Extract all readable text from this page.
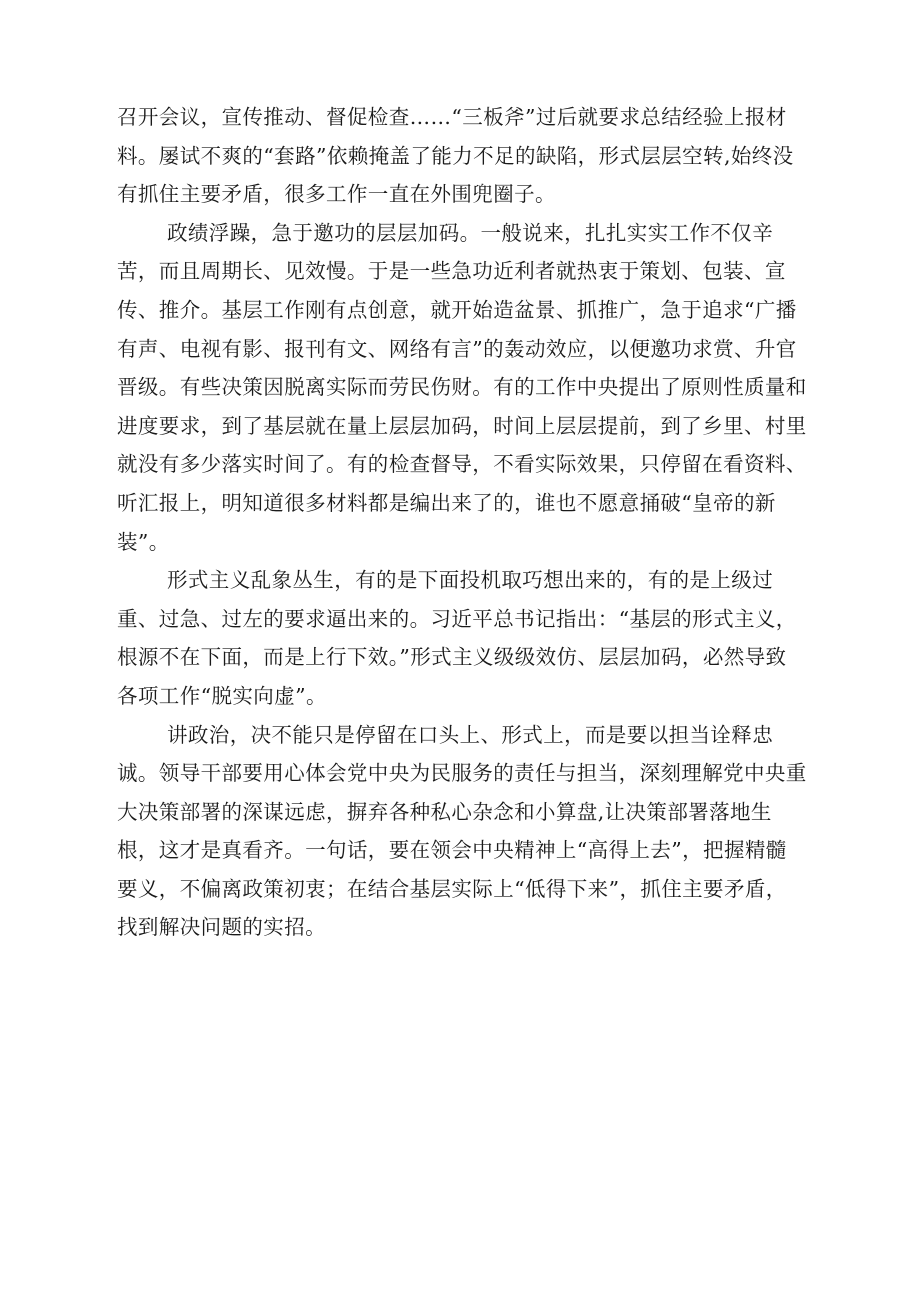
召开会议，宣传推动、督促检查……“三板斧”过后就要求总结经验上报材
料。屡试不爽的“套路”依赖掩盖了能力不足的缺陷，形式层层空转,始终没
有抓住主要矛盾，很多工作一直在外围兜圈子。
政绩浮躁，急于邀功的层层加码。一般说来，扎扎实实工作不仅辛
苦，而且周期长、见效慢。于是一些急功近利者就热衷于策划、包装、宣
传、推介。基层工作刚有点创意，就开始造盆景、抓推广，急于追求“广播
有声、电视有影、报刊有文、网络有言”的轰动效应，以便邀功求赏、升官
晋级。有些决策因脱离实际而劳民伤财。有的工作中央提出了原则性质量和
进度要求，到了基层就在量上层层加码，时间上层层提前，到了乡里、村里
就没有多少落实时间了。有的检查督导，不看实际效果，只停留在看资料、
听汇报上，明知道很多材料都是编出来了的，谁也不愿意捅破“皇帝的新
装”。
形式主义乱象丛生，有的是下面投机取巧想出来的，有的是上级过
重、过急、过左的要求逼出来的。习近平总书记指出：“基层的形式主义，
根源不在下面，而是上行下效。”形式主义级级效仿、层层加码，必然导致
各项工作“脱实向虚”。
讲政治，决不能只是停留在口头上、形式上，而是要以担当诠释忠
诚。领导干部要用心体会党中央为民服务的责任与担当，深刻理解党中央重
大决策部署的深谋远虑，摒弃各种私心杂念和小算盘,让决策部署落地生
根，这才是真看齐。一句话，要在领会中央精神上“高得上去”，把握精髓
要义，不偏离政策初衷；在结合基层实际上“低得下来”，抓住主要矛盾，
找到解决问题的实招。
